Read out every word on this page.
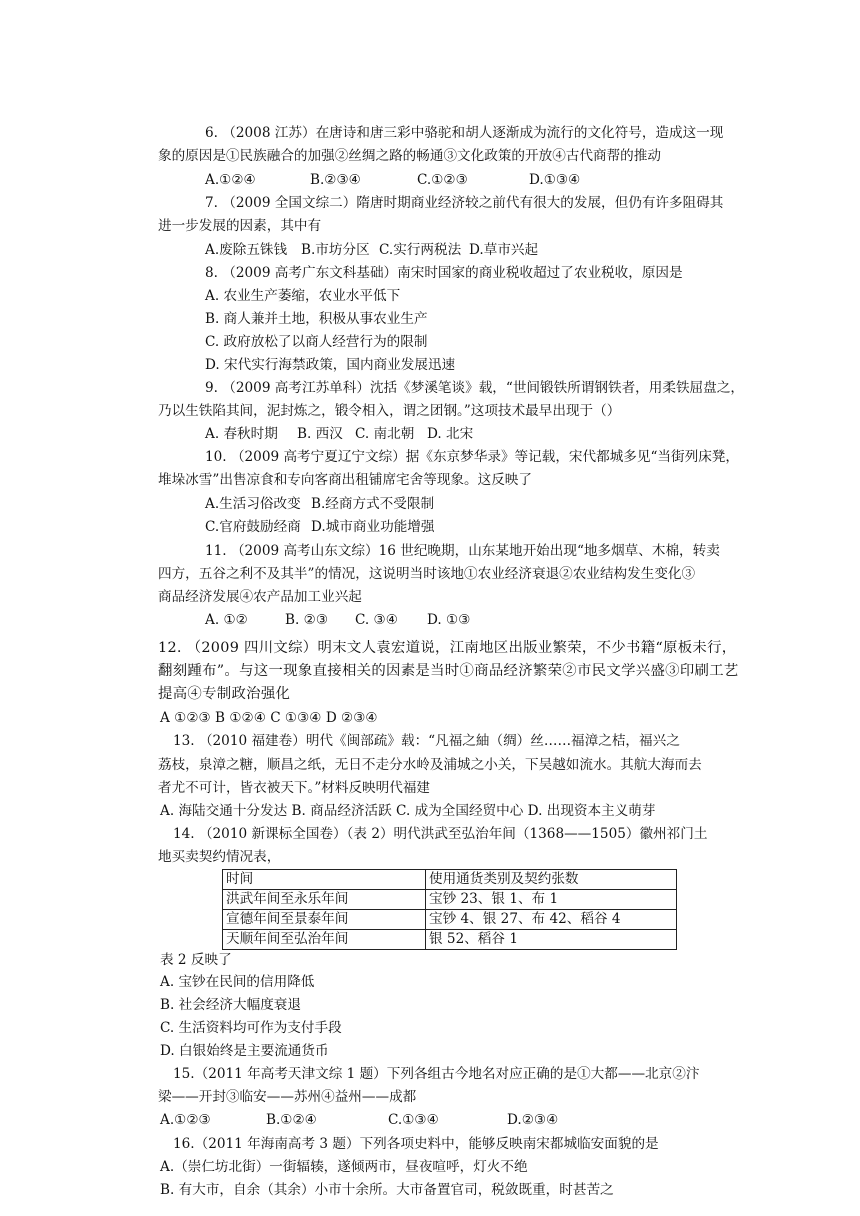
6. （2008 江苏）在唐诗和唐三彩中骆驼和胡人逐渐成为流行的文化符号，造成这一现
象的原因是①民族融合的加强②丝绸之路的畅通③文化政策的开放④古代商帮的推动
A.①②④	B.②③④	C.①②③	D.①③④
7. （2009 全国文综二）隋唐时期商业经济较之前代有很大的发展，但仍有许多阻碍其
进一步发展的因素，其中有
A.废除五铢钱 B.市坊分区 C.实行两税法 D.草市兴起
8. （2009 高考广东文科基础）南宋时国家的商业税收超过了农业税收，原因是
A. 农业生产萎缩，农业水平低下
B. 商人兼并土地，积极从事农业生产
C. 政府放松了以商人经营行为的限制
D. 宋代实行海禁政策，国内商业发展迅速
9. （2009 高考江苏单科）沈括《梦溪笔谈》载，“世间锻铁所谓钢铁者，用柔铁屈盘之，
乃以生铁陷其间，泥封炼之，锻令相入，谓之团钢。”这项技术最早出现于（）
A. 春秋时期 B. 西汉 C. 南北朝 D. 北宋
10. （2009 高考宁夏辽宁文综）据《东京梦华录》等记载，宋代都城多见“当街列床凳，
堆垛冰雪”出售凉食和专向客商出租铺席宅舍等现象。这反映了
A.生活习俗改变 B.经商方式不受限制
C.官府鼓励经商 D.城市商业功能增强
11. （2009 高考山东文综）16 世纪晚期，山东某地开始出现“地多烟草、木棉，转卖
四方，五谷之利不及其半”的情况，这说明当时该地①农业经济衰退②农业结构发生变化③
商品经济发展④农产品加工业兴起
A. ①②	B. ②③ C. ③④ D. ①③
12. （2009 四川文综）明末文人袁宏道说，江南地区出版业繁荣，不少书籍“原板未行，
翻刻踵布”。与这一现象直接相关的因素是当时①商品经济繁荣②市民文学兴盛③印刷工艺
提高④专制政治强化
A ①②③ B ①②④ C ①③④ D ②③④
13. （2010 福建卷）明代《闽部疏》载：“凡福之紬（绸）丝……福漳之桔，福兴之
荔枝，泉漳之糖，顺昌之纸，无日不走分水岭及浦城之小关，下吴越如流水。其航大海而去
者尤不可计，皆衣被天下。”材料反映明代福建
A. 海陆交通十分发达 B. 商品经济活跃 C. 成为全国经贸中心 D. 出现资本主义萌芽
14. （2010 新课标全国卷）（表 2）明代洪武至弘治年间（1368——1505）徽州祁门土
地买卖契约情况表，
时间	使用通货类别及契约张数
洪武年间至永乐年间	宝钞 23、银 1、布 1
宣德年间至景泰年间	宝钞 4、银 27、布 42、稻谷 4
天顺年间至弘治年间	银 52、稻谷 1
表 2 反映了
A. 宝钞在民间的信用降低
B. 社会经济大幅度衰退
C. 生活资料均可作为支付手段
D. 白银始终是主要流通货币
15.（2011 年高考天津文综 1 题）下列各组古今地名对应正确的是①大都——北京②汴
梁——开封③临安——苏州④益州——成都
A.①②③	B.①②④	C.①③④	D.②③④
16.（2011 年海南高考 3 题）下列各项史料中，能够反映南宋都城临安面貌的是
A.（崇仁坊北街）一街辐辏，遂倾两市，昼夜喧呼，灯火不绝
B. 有大市，自余（其余）小市十余所。大市备置官司，税敛既重，时甚苦之
